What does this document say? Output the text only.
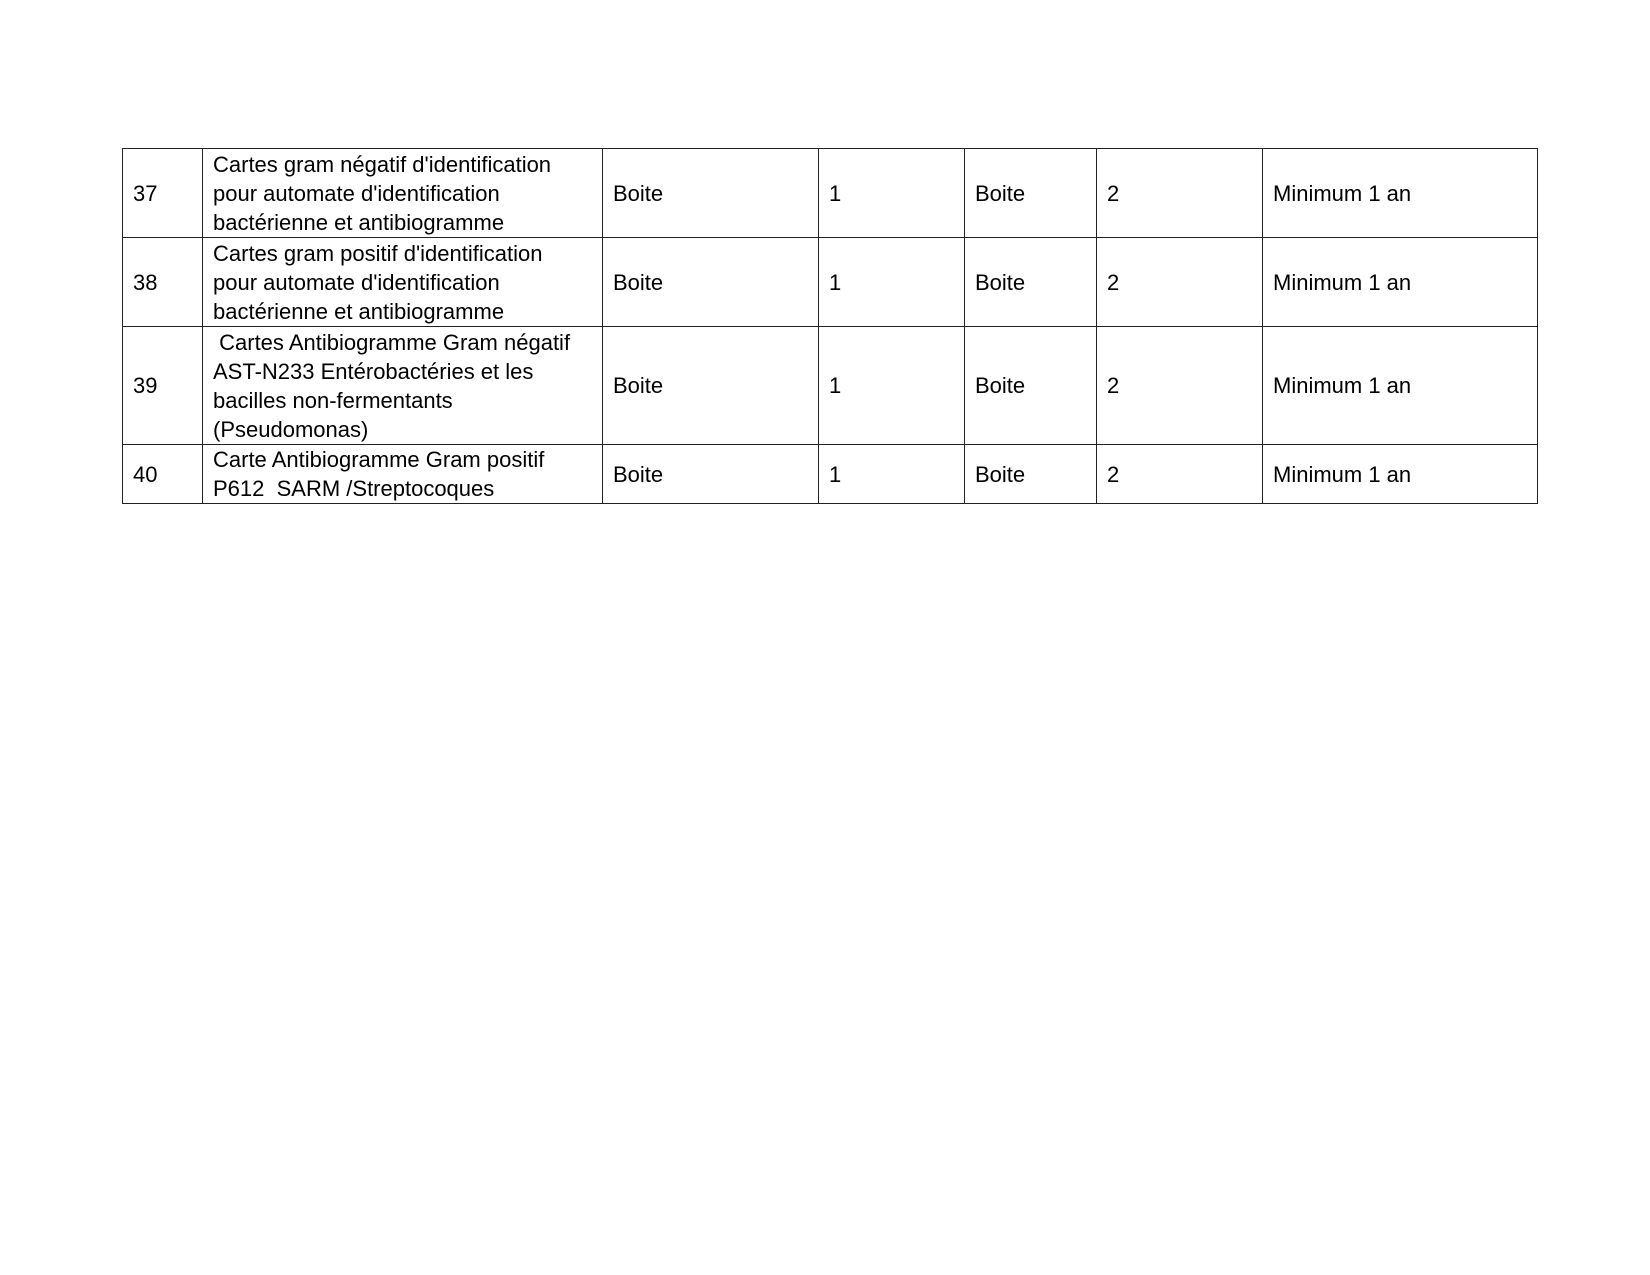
37	Cartes gram négatif d'identification pour automate d'identification bactérienne et antibiogramme	Boite	1	Boite	2	Minimum 1 an
38	Cartes gram positif d'identification pour automate d'identification bactérienne et antibiogramme	Boite	1	Boite	2	Minimum 1 an
39	Cartes Antibiogramme Gram négatif AST-N233 Entérobactéries et les bacilles non-fermentants (Pseudomonas)	Boite	1	Boite	2	Minimum 1 an
40	Carte Antibiogramme Gram positif P612  SARM /Streptocoques	Boite	1	Boite	2	Minimum 1 an
